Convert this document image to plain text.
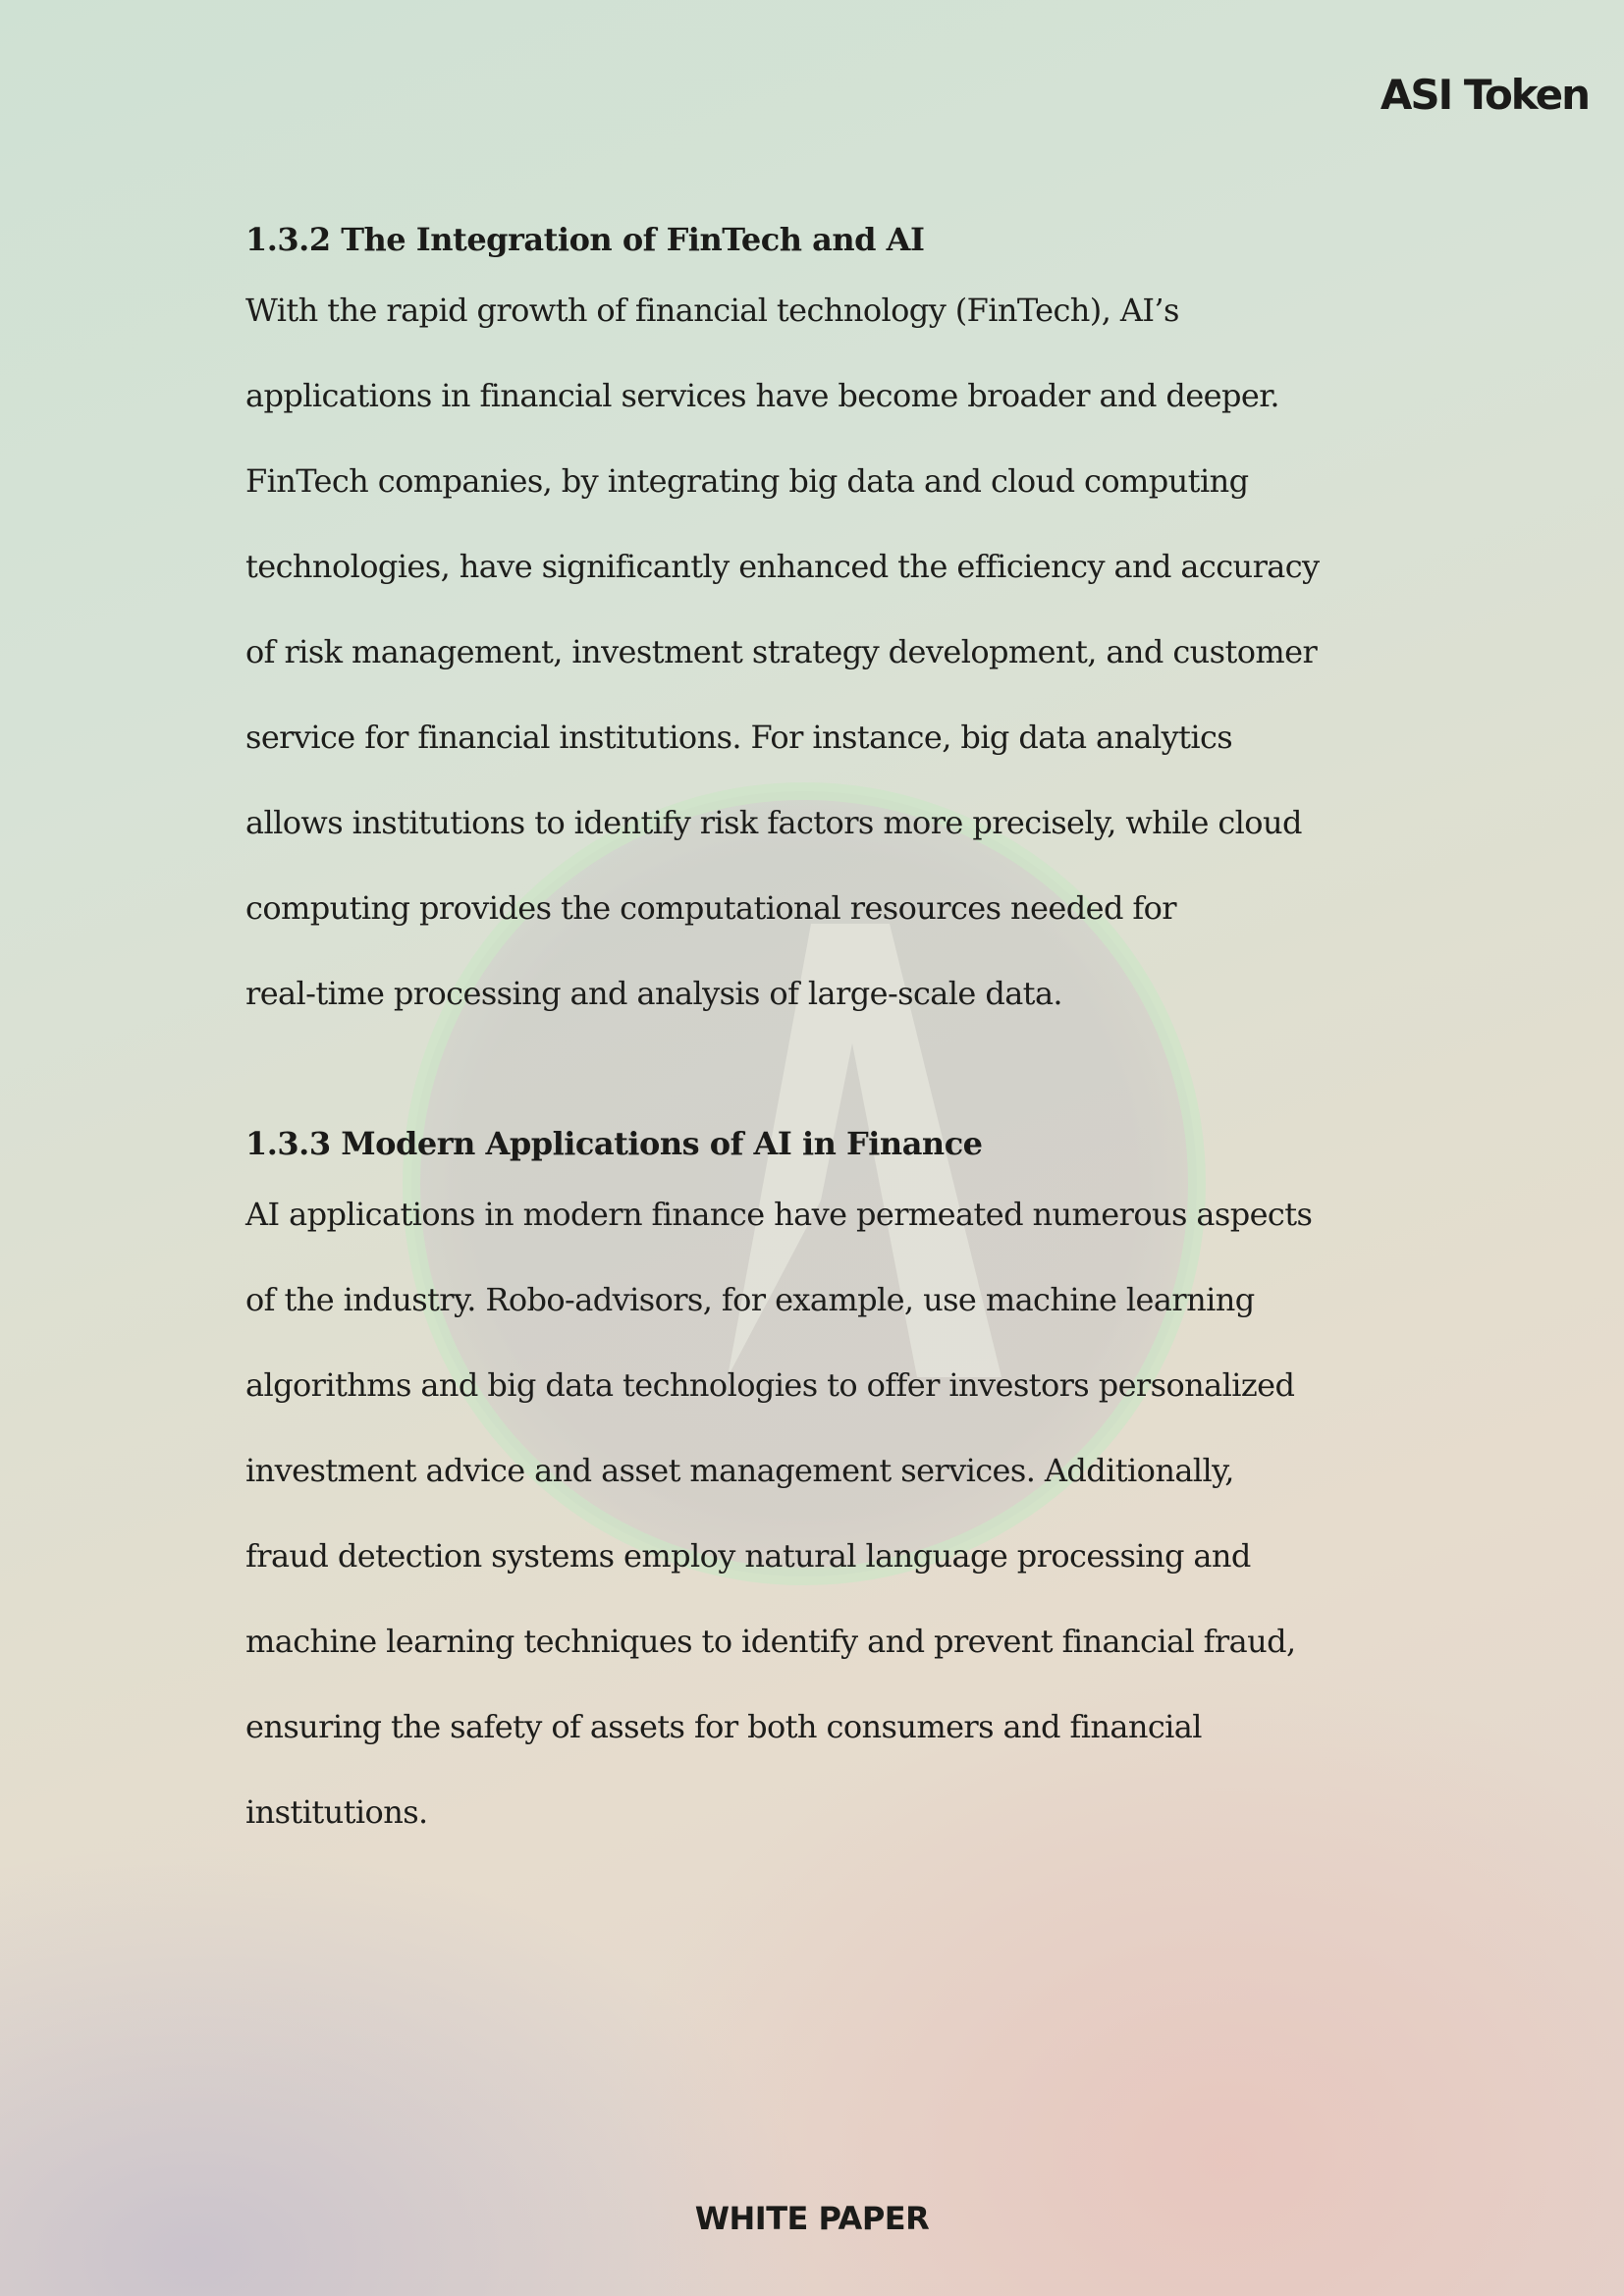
ASI Token
1.3.2 The Integration of FinTech and AI

With the rapid growth of financial technology (FinTech), AI’s
applications in financial services have become broader and deeper.
FinTech companies, by integrating big data and cloud computing
technologies, have significantly enhanced the efficiency and accuracy
of risk management, investment strategy development, and customer
service for financial institutions. For instance, big data analytics
allows institutions to identify risk factors more precisely, while cloud
computing provides the computational resources needed for
real-time processing and analysis of large-scale data.

1.3.3 Modern Applications of AI in Finance

AI applications in modern finance have permeated numerous aspects
of the industry. Robo-advisors, for example, use machine learning
algorithms and big data technologies to offer investors personalized
investment advice and asset management services. Additionally,
fraud detection systems employ natural language processing and
machine learning techniques to identify and prevent financial fraud,
ensuring the safety of assets for both consumers and financial
institutions.

WHITE PAPER
